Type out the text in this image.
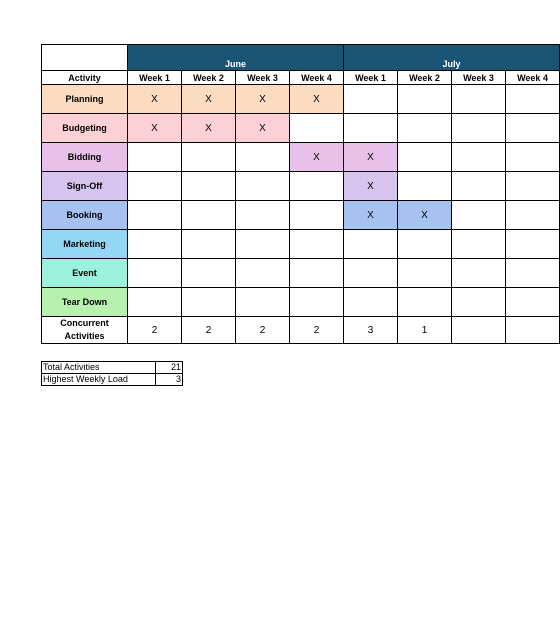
	June				July			
Activity	Week 1	Week 2	Week 3	Week 4	Week 1	Week 2	Week 3	Week 4
Planning	X	X	X	X				
Budgeting	X	X	X					
Bidding				X	X			
Sign-Off					X			
Booking					X	X		
Marketing								
Event								
Tear Down								

Concurrent
Activities	2	2	2	2	3	1		
Total Activities	21
Highest Weekly Load	3
